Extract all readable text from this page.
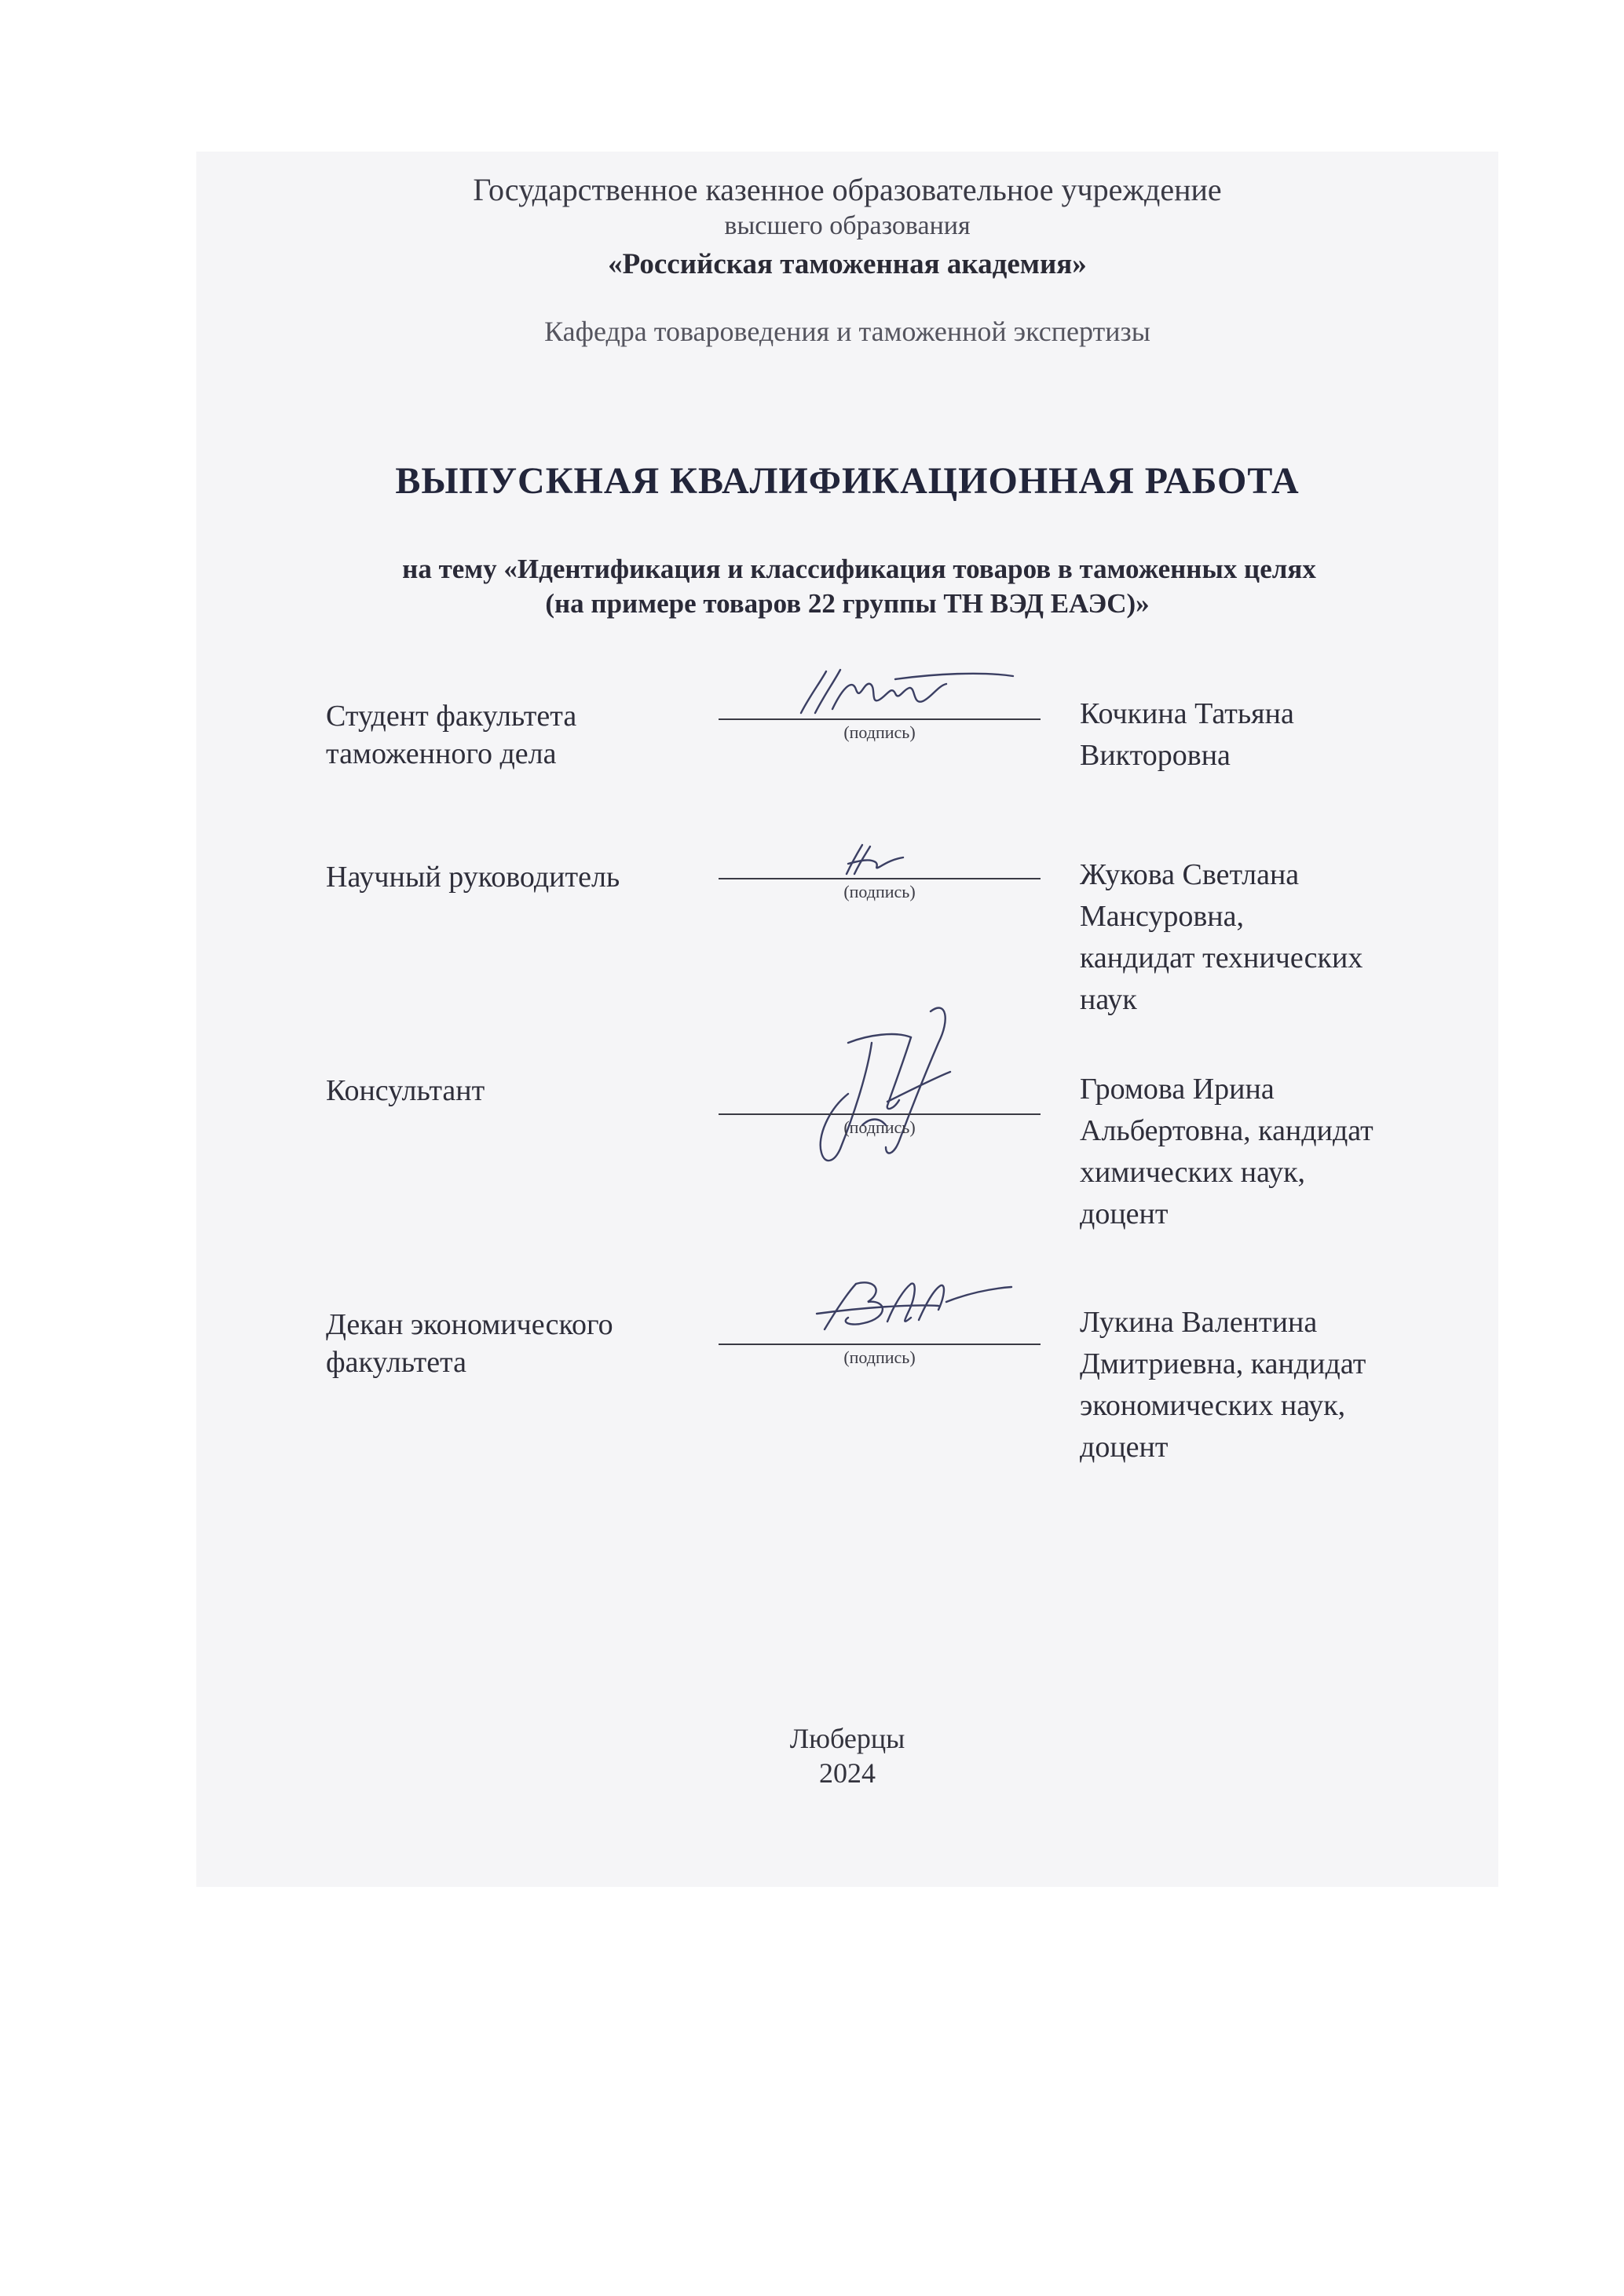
Государственное казенное образовательное учреждение
высшего образования
«Российская таможенная академия»
Кафедра товароведения и таможенной экспертизы
ВЫПУСКНАЯ КВАЛИФИКАЦИОННАЯ РАБОТА
на тему «Идентификация и классификация товаров в таможенных целях
(на примере товаров 22 группы ТН ВЭД ЕАЭС)»
Студент факультета
таможенного дела
(подпись)
Кочкина Татьяна
Викторовна
Научный руководитель	(подпись)
Жукова Светлана
Мансуровна,
кандидат технических
наук
Консультант
(подпись)
Громова Ирина
Альбертовна, кандидат
химических наук,
доцент
Декан экономического
факультета	(подпись)
Лукина Валентина
Дмитриевна, кандидат
экономических наук,
доцент
Люберцы
2024
